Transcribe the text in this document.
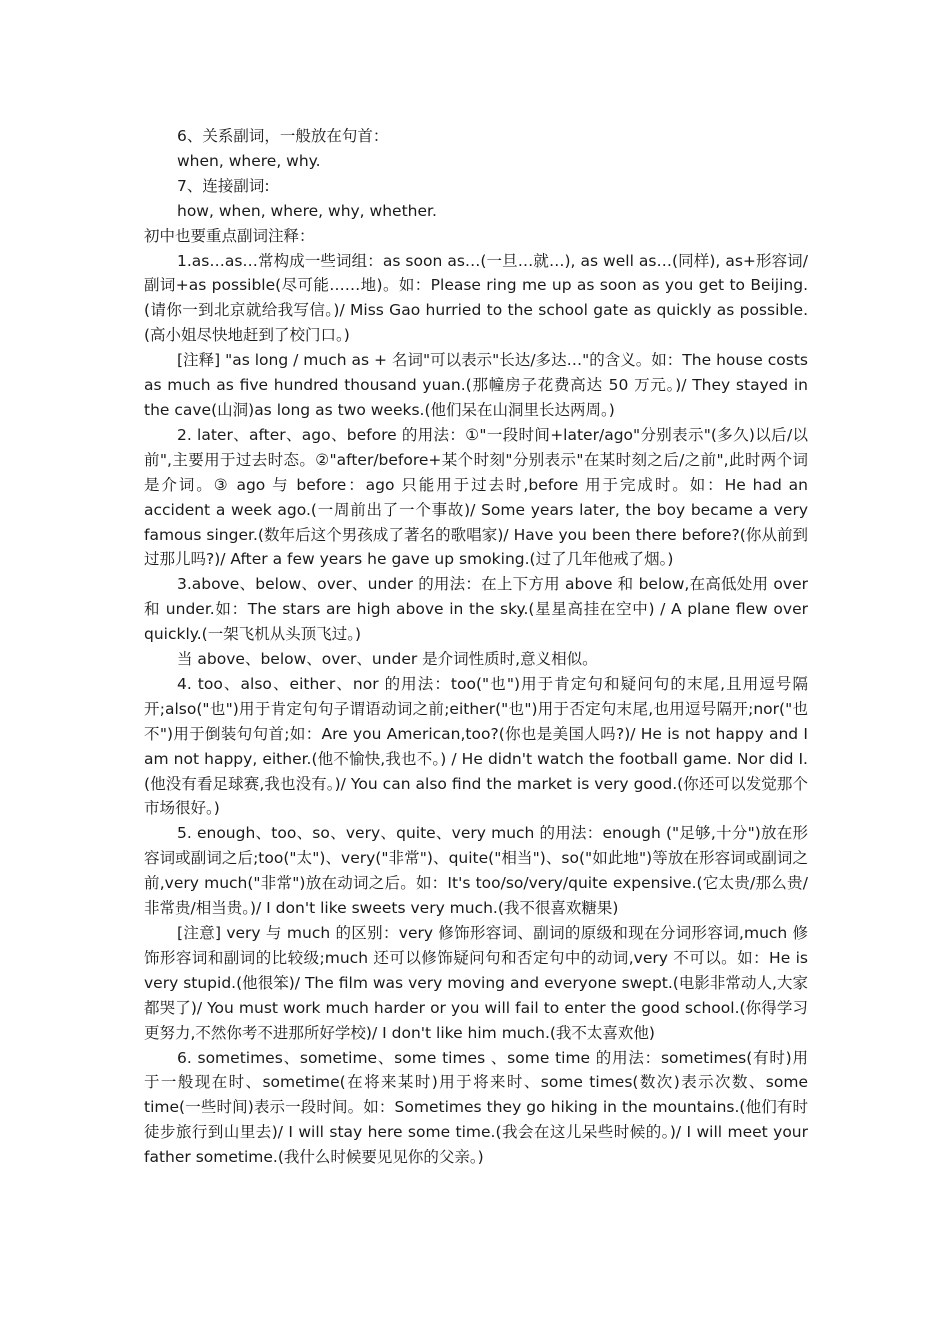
6、关系副词，一般放在句首：

when, where, why.

7、连接副词:

how, when, where, why, whether.

初中也要重点副词注释：

1.as…as…常构成一些词组：as soon as…(一旦…就…), as well as…(同样), as+形容词/副词+as possible(尽可能……地)。如：Please ring me up as soon as you get to Beijing.(请你一到北京就给我写信。)/ Miss Gao hurried to the school gate as quickly as possible.(高小姐尽快地赶到了校门口。)

[注释] "as long / much as + 名词"可以表示"长达/多达…"的含义。如：The house costs as much as five hundred thousand yuan.(那幢房子花费高达 50 万元。)/ They stayed in the cave(山洞)as long as two weeks.(他们呆在山洞里长达两周。)

2. later、after、ago、before 的用法：①"一段时间+later/ago"分别表示"(多久)以后/以前",主要用于过去时态。②"after/before+某个时刻"分别表示"在某时刻之后/之前",此时两个词是介词。③ ago 与 before：ago 只能用于过去时,before 用于完成时。如：He had an accident a week ago.(一周前出了一个事故)/ Some years later, the boy became a very famous singer.(数年后这个男孩成了著名的歌唱家)/ Have you been there before?(你从前到过那儿吗?)/ After a few years he gave up smoking.(过了几年他戒了烟。)

3.above、below、over、under 的用法：在上下方用 above 和 below,在高低处用 over 和 under.如：The stars are high above in the sky.(星星高挂在空中) / A plane flew over quickly.(一架飞机从头顶飞过。)

当 above、below、over、under 是介词性质时,意义相似。

4. too、also、either、nor 的用法：too("也")用于肯定句和疑问句的末尾,且用逗号隔开;also("也")用于肯定句句子谓语动词之前;either("也")用于否定句末尾,也用逗号隔开;nor("也不")用于倒装句句首;如：Are you American,too?(你也是美国人吗?)/ He is not happy and I am not happy, either.(他不愉快,我也不。) / He didn't watch the football game. Nor did I.(他没有看足球赛,我也没有。)/ You can also find the market is very good.(你还可以发觉那个市场很好。)

5. enough、too、so、very、quite、very much 的用法：enough ("足够,十分")放在形容词或副词之后;too("太")、very("非常")、quite("相当")、so("如此地")等放在形容词或副词之前,very much("非常")放在动词之后。如：It's too/so/very/quite expensive.(它太贵/那么贵/非常贵/相当贵。)/ I don't like sweets very much.(我不很喜欢糖果)

[注意] very 与 much 的区别：very 修饰形容词、副词的原级和现在分词形容词,much 修饰形容词和副词的比较级;much 还可以修饰疑问句和否定句中的动词,very 不可以。如：He is very stupid.(他很笨)/ The film was very moving and everyone swept.(电影非常动人,大家都哭了)/ You must work much harder or you will fail to enter the good school.(你得学习更努力,不然你考不进那所好学校)/ I don't like him much.(我不太喜欢他)

6. sometimes、sometime、some times 、some time 的用法：sometimes(有时)用于一般现在时、sometime(在将来某时)用于将来时、some times(数次)表示次数、some time(一些时间)表示一段时间。如：Sometimes they go hiking in the mountains.(他们有时徒步旅行到山里去)/ I will stay here some time.(我会在这儿呆些时候的。)/ I will meet your father sometime.(我什么时候要见见你的父亲。)
